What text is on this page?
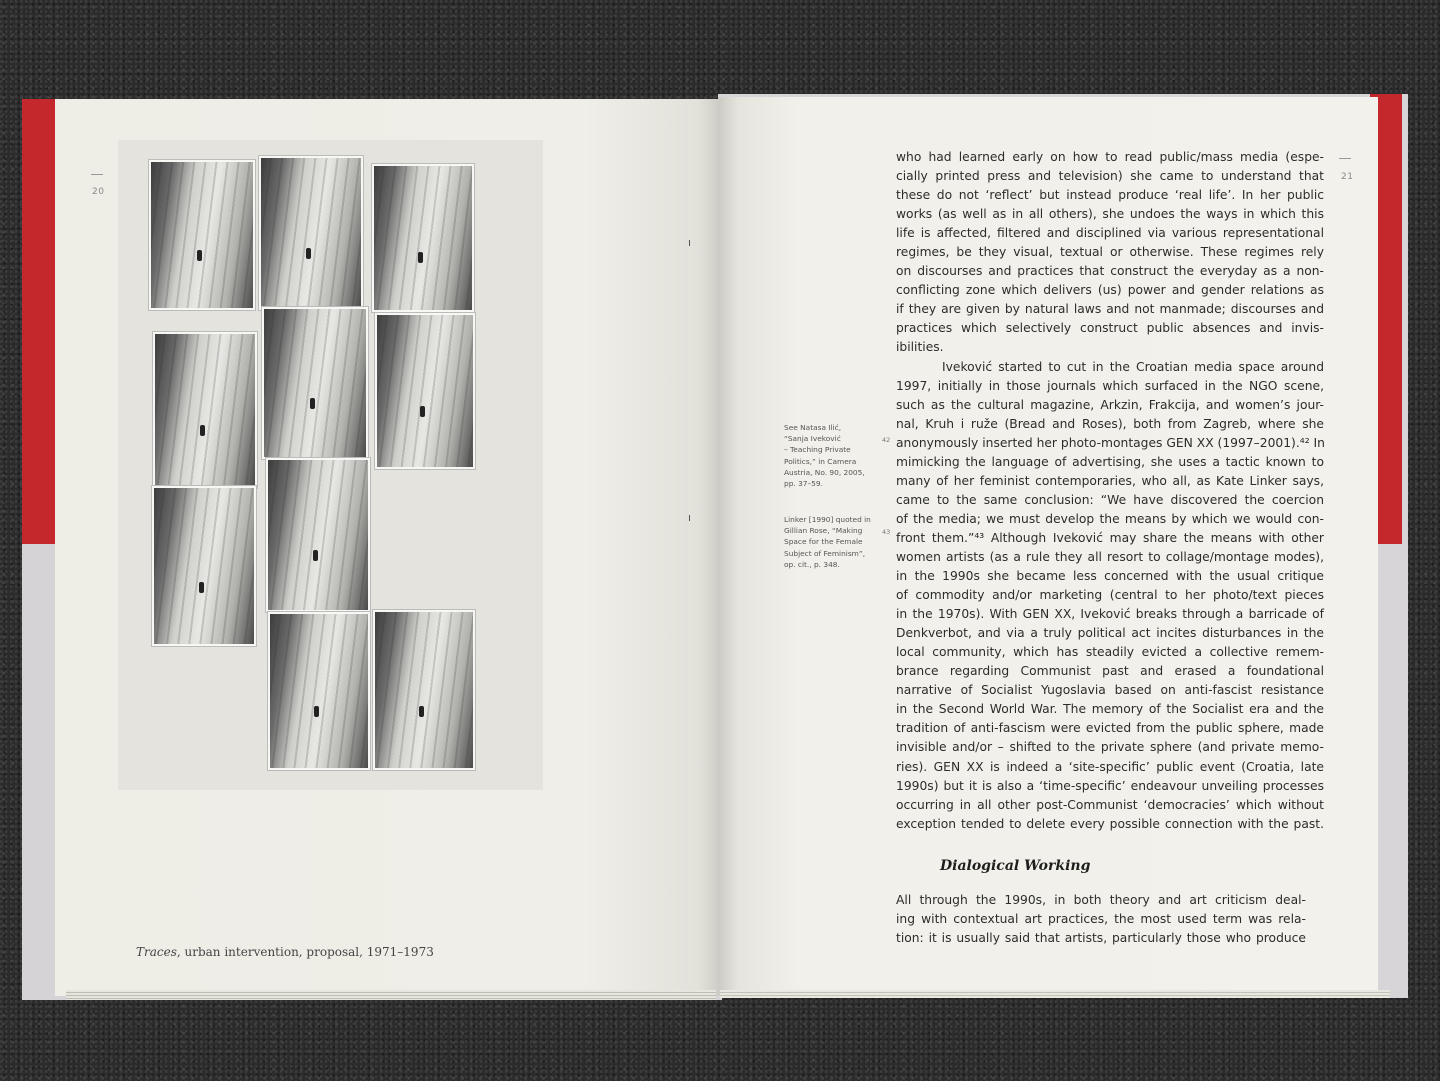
20
21
Traces, urban intervention, proposal, 1971–1973
See Natasa Ilić,
“Sanja Iveković
– Teaching Private
Politics,” in Camera
Austria, No. 90, 2005,
pp. 37–59.
42
Linker [1990] quoted in
Gillian Rose, “Making
Space for the Female
Subject of Feminism”,
op. cit., p. 348.
43
who had learned early on how to read public/mass media (espe-
cially printed press and television) she came to understand that
these do not ‘reflect’ but instead produce ‘real life’. In her public
works (as well as in all others), she undoes the ways in which this
life is affected, filtered and disciplined via various representational
regimes, be they visual, textual or otherwise. These regimes rely
on discourses and practices that construct the everyday as a non-
conflicting zone which delivers (us) power and gender relations as
if they are given by natural laws and not manmade; discourses and
practices which selectively construct public absences and invis-
ibilities.
Iveković started to cut in the Croatian media space around
1997, initially in those journals which surfaced in the NGO scene,
such as the cultural magazine, Arkzin, Frakcija, and women’s jour-
nal, Kruh i ruže (Bread and Roses), both from Zagreb, where she
anonymously inserted her photo-montages GEN XX (1997–2001).⁴² In
mimicking the language of advertising, she uses a tactic known to
many of her feminist contemporaries, who all, as Kate Linker says,
came to the same conclusion: “We have discovered the coercion
of the media; we must develop the means by which we would con-
front them.”⁴³ Although Iveković may share the means with other
women artists (as a rule they all resort to collage/montage modes),
in the 1990s she became less concerned with the usual critique
of commodity and/or marketing (central to her photo/text pieces
in the 1970s). With GEN XX, Iveković breaks through a barricade of
Denkverbot, and via a truly political act incites disturbances in the
local community, which has steadily evicted a collective remem-
brance regarding Communist past and erased a foundational
narrative of Socialist Yugoslavia based on anti-fascist resistance
in the Second World War. The memory of the Socialist era and the
tradition of anti-fascism were evicted from the public sphere, made
invisible and/or – shifted to the private sphere (and private memo-
ries). GEN XX is indeed a ‘site-specific’ public event (Croatia, late
1990s) but it is also a ‘time-specific’ endeavour unveiling processes
occurring in all other post-Communist ‘democracies’ which without
exception tended to delete every possible connection with the past.
Dialogical Working
All through the 1990s, in both theory and art criticism deal-
ing with contextual art practices, the most used term was rela-
tion: it is usually said that artists, particularly those who produce
